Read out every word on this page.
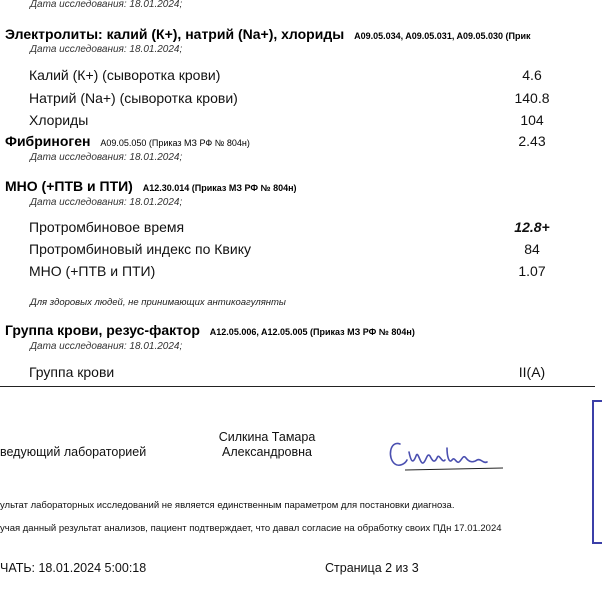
Дата исследования: 18.01.2024;
Электролиты: калий (К+), натрий (Na+), хлориды A09.05.034, A09.05.031, A09.05.030 (Прик
Дата исследования: 18.01.2024;
Калий (К+) (сыворотка крови)	4.6
Натрий (Na+) (сыворотка крови)	140.8
Хлориды	104
Фибриноген A09.05.050 (Приказ МЗ РФ № 804н)	2.43
Дата исследования: 18.01.2024;
МНО (+ПТВ и ПТИ) A12.30.014 (Приказ МЗ РФ № 804н)
Дата исследования: 18.01.2024;
Протромбиновое время	12.8+
Протромбиновый индекс по Квику	84
МНО (+ПТВ и ПТИ)	1.07
Для здоровых людей, не принимающих антикоагулянты
Группа крови, резус-фактор A12.05.006, A12.05.005 (Приказ МЗ РФ № 804н)
Дата исследования: 18.01.2024;
Группа крови	II(A)
ведующий лабораторией
Силкина Тамара
Александровна
ультат лабораторных исследований не является единственным параметром для постановки диагноза.
учая данный результат анализов, пациент подтверждает, что давал согласие на обработку своих ПДн 17.01.2024
ЧАТЬ: 18.01.2024 5:00:18	Страница 2 из 3
